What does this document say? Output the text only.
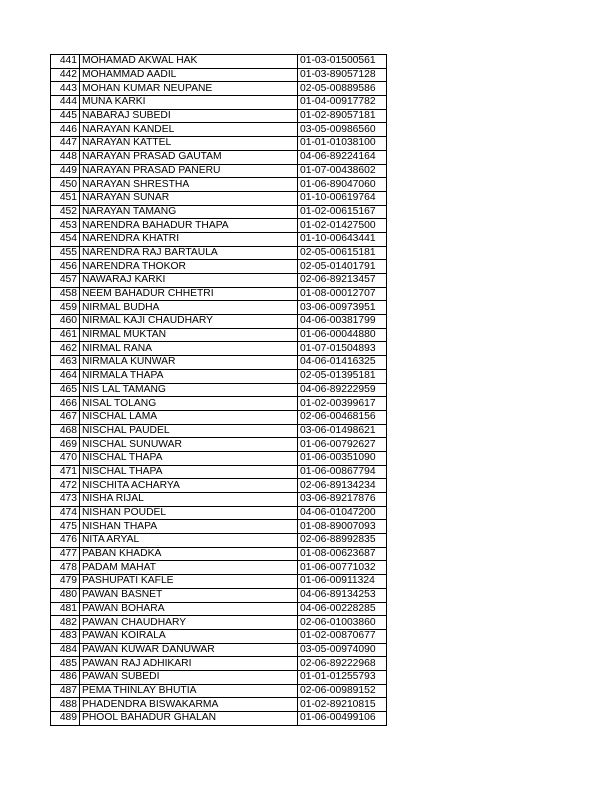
441	MOHAMAD AKWAL HAK	01-03-01500561
442	MOHAMMAD AADIL	01-03-89057128
443	MOHAN KUMAR NEUPANE	02-05-00889586
444	MUNA KARKI	01-04-00917782
445	NABARAJ SUBEDI	01-02-89057181
446	NARAYAN KANDEL	03-05-00986560
447	NARAYAN KATTEL	01-01-01038100
448	NARAYAN PRASAD GAUTAM	04-06-89224164
449	NARAYAN PRASAD PANERU	01-07-00438602
450	NARAYAN SHRESTHA	01-06-89047060
451	NARAYAN SUNAR	01-10-00619764
452	NARAYAN TAMANG	01-02-00615167
453	NARENDRA BAHADUR THAPA	01-02-01427500
454	NARENDRA KHATRI	01-10-00643441
455	NARENDRA RAJ BARTAULA	02-05-00615181
456	NARENDRA THOKOR	02-05-01401791
457	NAWARAJ KARKI	02-06-89213457
458	NEEM BAHADUR CHHETRI	01-08-00012707
459	NIRMAL BUDHA	03-06-00973951
460	NIRMAL KAJI CHAUDHARY	04-06-00381799
461	NIRMAL MUKTAN	01-06-00044880
462	NIRMAL RANA	01-07-01504893
463	NIRMALA KUNWAR	04-06-01416325
464	NIRMALA THAPA	02-05-01395181
465	NIS LAL TAMANG	04-06-89222959
466	NISAL TOLANG	01-02-00399617
467	NISCHAL LAMA	02-06-00468156
468	NISCHAL PAUDEL	03-06-01498621
469	NISCHAL SUNUWAR	01-06-00792627
470	NISCHAL THAPA	01-06-00351090
471	NISCHAL THAPA	01-06-00867794
472	NISCHITA ACHARYA	02-06-89134234
473	NISHA RIJAL	03-06-89217876
474	NISHAN POUDEL	04-06-01047200
475	NISHAN THAPA	01-08-89007093
476	NITA ARYAL	02-06-88992835
477	PABAN KHADKA	01-08-00623687
478	PADAM MAHAT	01-06-00771032
479	PASHUPATI KAFLE	01-06-00911324
480	PAWAN BASNET	04-06-89134253
481	PAWAN BOHARA	04-06-00228285
482	PAWAN CHAUDHARY	02-06-01003860
483	PAWAN KOIRALA	01-02-00870677
484	PAWAN KUWAR DANUWAR	03-05-00974090
485	PAWAN RAJ ADHIKARI	02-06-89222968
486	PAWAN SUBEDI	01-01-01255793
487	PEMA THINLAY BHUTIA	02-06-00989152
488	PHADENDRA BISWAKARMA	01-02-89210815
489	PHOOL BAHADUR GHALAN	01-06-00499106
